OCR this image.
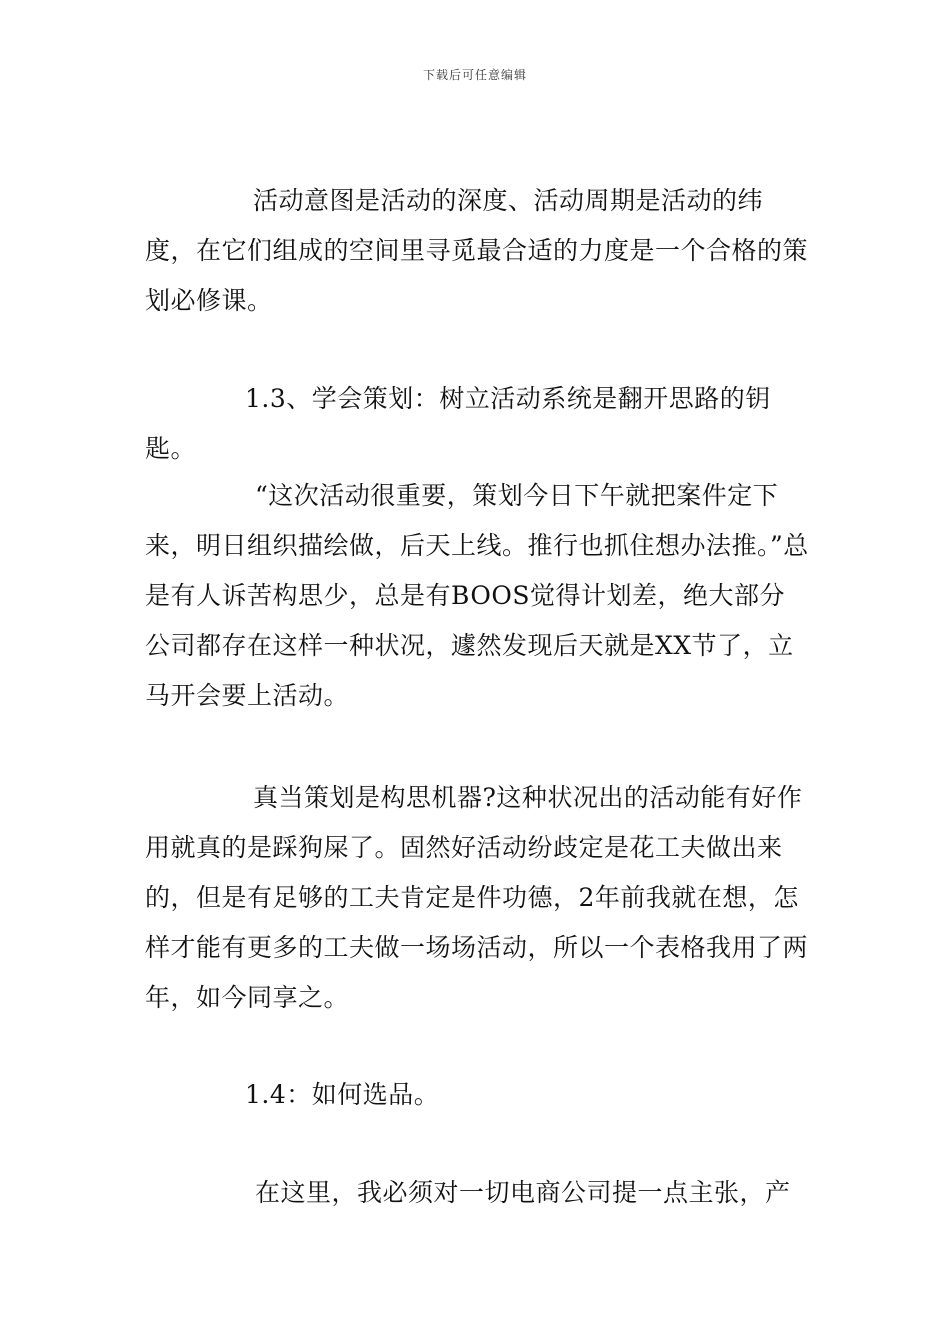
下载后可任意编辑

活动意图是活动的深度、活动周期是活动的纬度，在它们组成的空间里寻觅最合适的力度是一个合格的策划必修课。

1.3、学会策划：树立活动系统是翻开思路的钥匙。

“这次活动很重要，策划今日下午就把案件定下来，明日组织描绘做，后天上线。推行也抓住想办法推。”总是有人诉苦构思少，总是有BOOS觉得计划差，绝大部分公司都存在这样一种状况，遽然发现后天就是XX节了，立马开会要上活动。

真当策划是构思机器?这种状况出的活动能有好作用就真的是踩狗屎了。固然好活动纷歧定是花工夫做出来的，但是有足够的工夫肯定是件功德，2年前我就在想，怎样才能有更多的工夫做一场场活动，所以一个表格我用了两年，如今同享之。

1.4：如何选品。

在这里，我必须对一切电商公司提一点主张，产
